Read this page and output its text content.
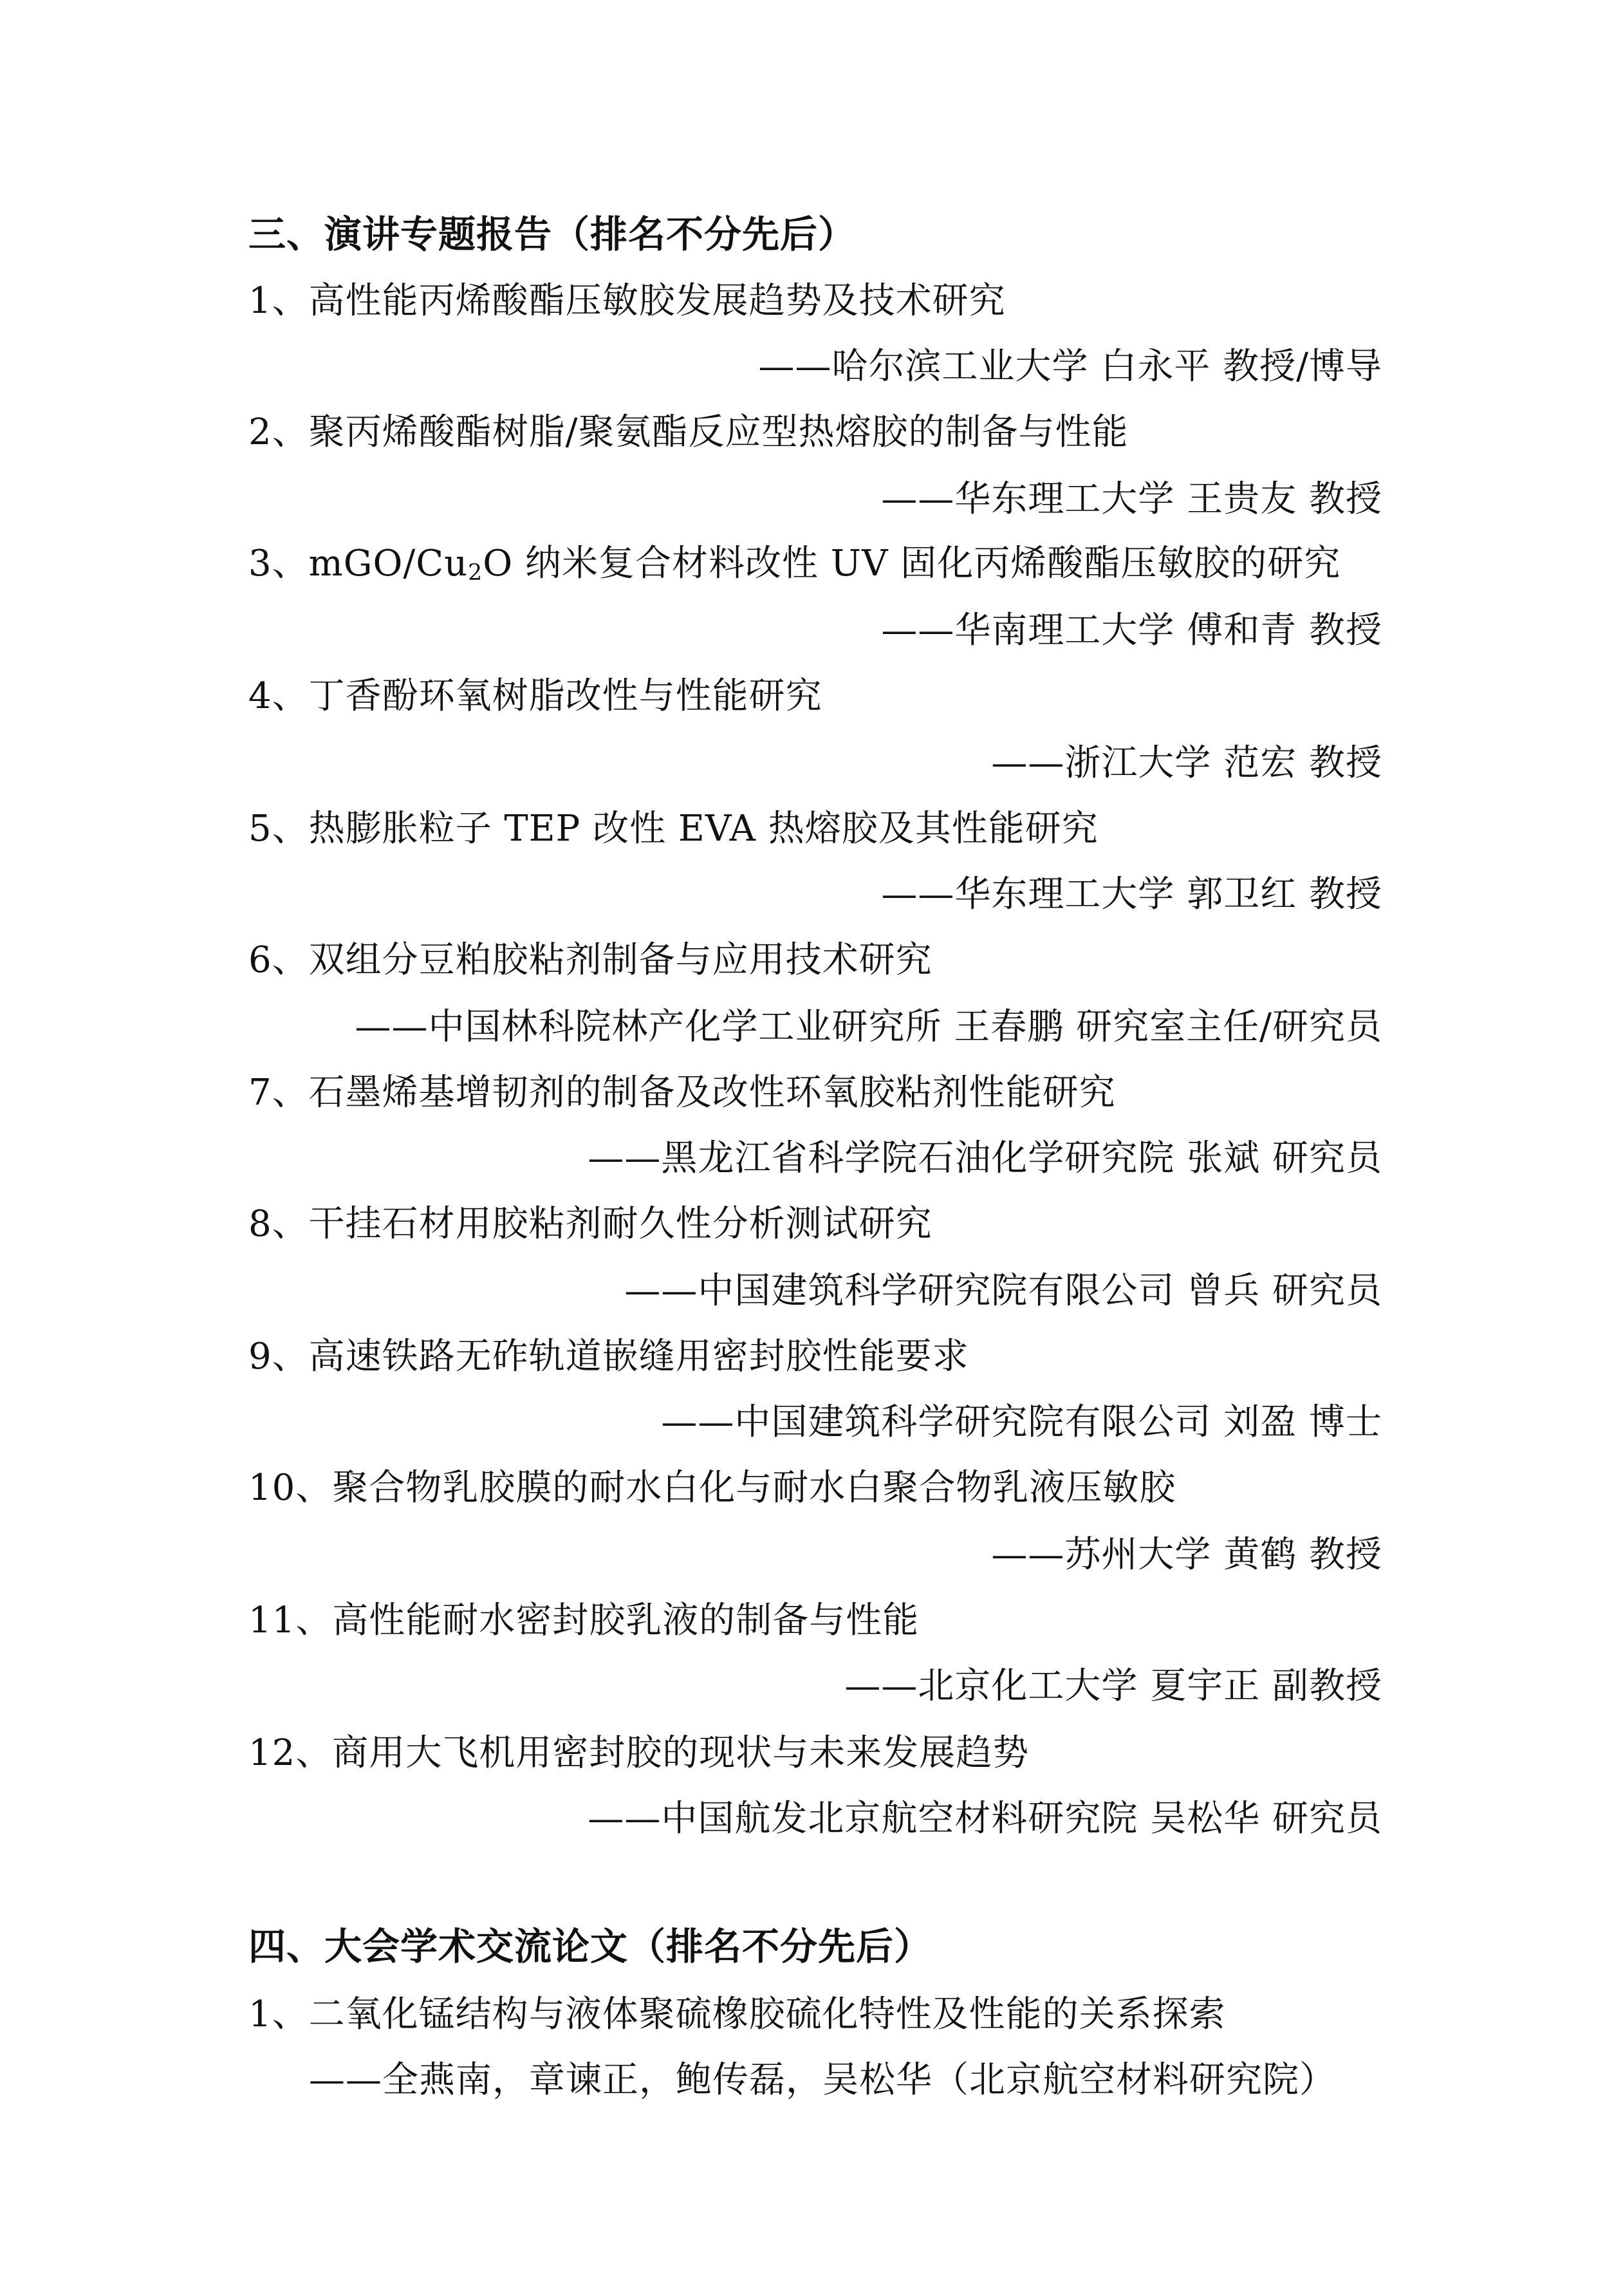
三、演讲专题报告（排名不分先后）
1、高性能丙烯酸酯压敏胶发展趋势及技术研究
——哈尔滨工业大学 白永平 教授/博导
2、聚丙烯酸酯树脂/聚氨酯反应型热熔胶的制备与性能
——华东理工大学 王贵友 教授
3、mGO/$Cu_2O$ 纳米复合材料改性 UV 固化丙烯酸酯压敏胶的研究
——华南理工大学 傅和青 教授
4、丁香酚环氧树脂改性与性能研究
——浙江大学 范宏 教授
5、热膨胀粒子 TEP 改性 EVA 热熔胶及其性能研究
——华东理工大学 郭卫红 教授
6、双组分豆粕胶粘剂制备与应用技术研究
——中国林科院林产化学工业研究所 王春鹏 研究室主任/研究员
7、石墨烯基增韧剂的制备及改性环氧胶粘剂性能研究
——黑龙江省科学院石油化学研究院 张斌 研究员
8、干挂石材用胶粘剂耐久性分析测试研究
——中国建筑科学研究院有限公司 曾兵 研究员
9、高速铁路无砟轨道嵌缝用密封胶性能要求
——中国建筑科学研究院有限公司 刘盈 博士
10、聚合物乳胶膜的耐水白化与耐水白聚合物乳液压敏胶
——苏州大学 黄鹤 教授
11、高性能耐水密封胶乳液的制备与性能
——北京化工大学 夏宇正 副教授
12、商用大飞机用密封胶的现状与未来发展趋势
——中国航发北京航空材料研究院 吴松华 研究员
四、大会学术交流论文（排名不分先后）
1、二氧化锰结构与液体聚硫橡胶硫化特性及性能的关系探索
——全燕南，章谏正，鲍传磊，吴松华（北京航空材料研究院）
